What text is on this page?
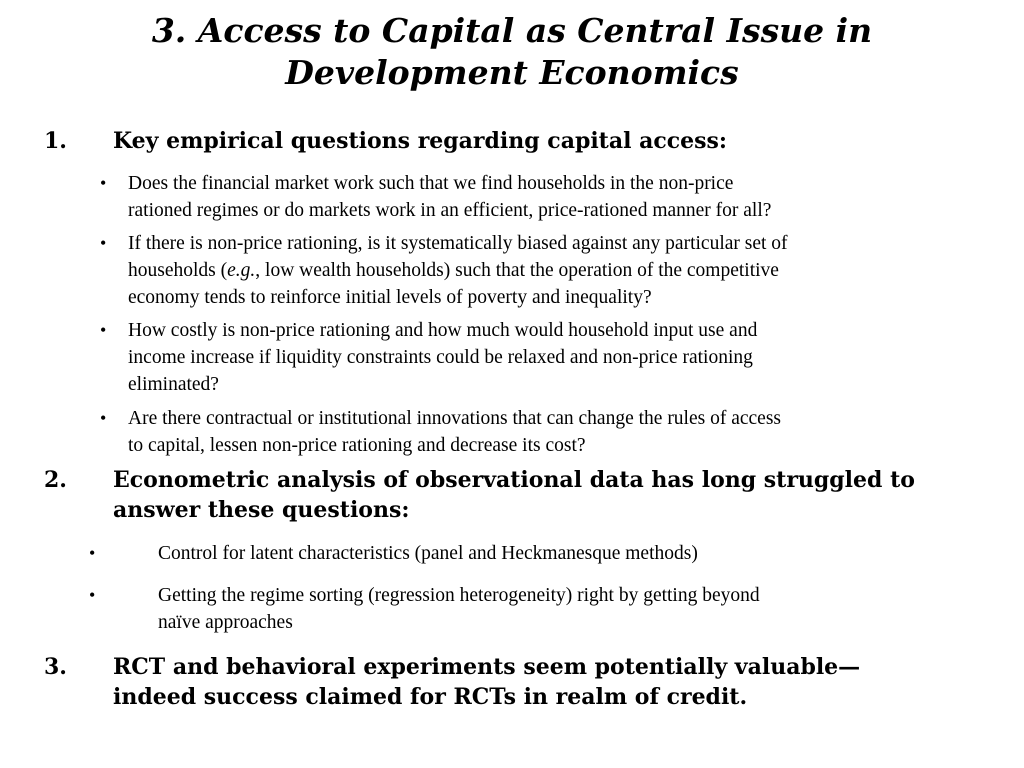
3. Access to Capital as Central Issue in
Development Economics
1. Key empirical questions regarding capital access:
• Does the financial market work such that we find households in the non-price
rationed regimes or do markets work in an efficient, price-rationed manner for all?
• If there is non-price rationing, is it systematically biased against any particular set of
households (e.g., low wealth households) such that the operation of the competitive
economy tends to reinforce initial levels of poverty and inequality?
• How costly is non-price rationing and how much would household input use and
income increase if liquidity constraints could be relaxed and non-price rationing
eliminated?
• Are there contractual or institutional innovations that can change the rules of access
to capital, lessen non-price rationing and decrease its cost?
2. Econometric analysis of observational data has long struggled to
answer these questions:
•	Control for latent characteristics (panel and Heckmanesque methods)
•	Getting the regime sorting (regression heterogeneity) right by getting beyond
naïve approaches
3. RCT and behavioral experiments seem potentially valuable—
indeed success claimed for RCTs in realm of credit.
